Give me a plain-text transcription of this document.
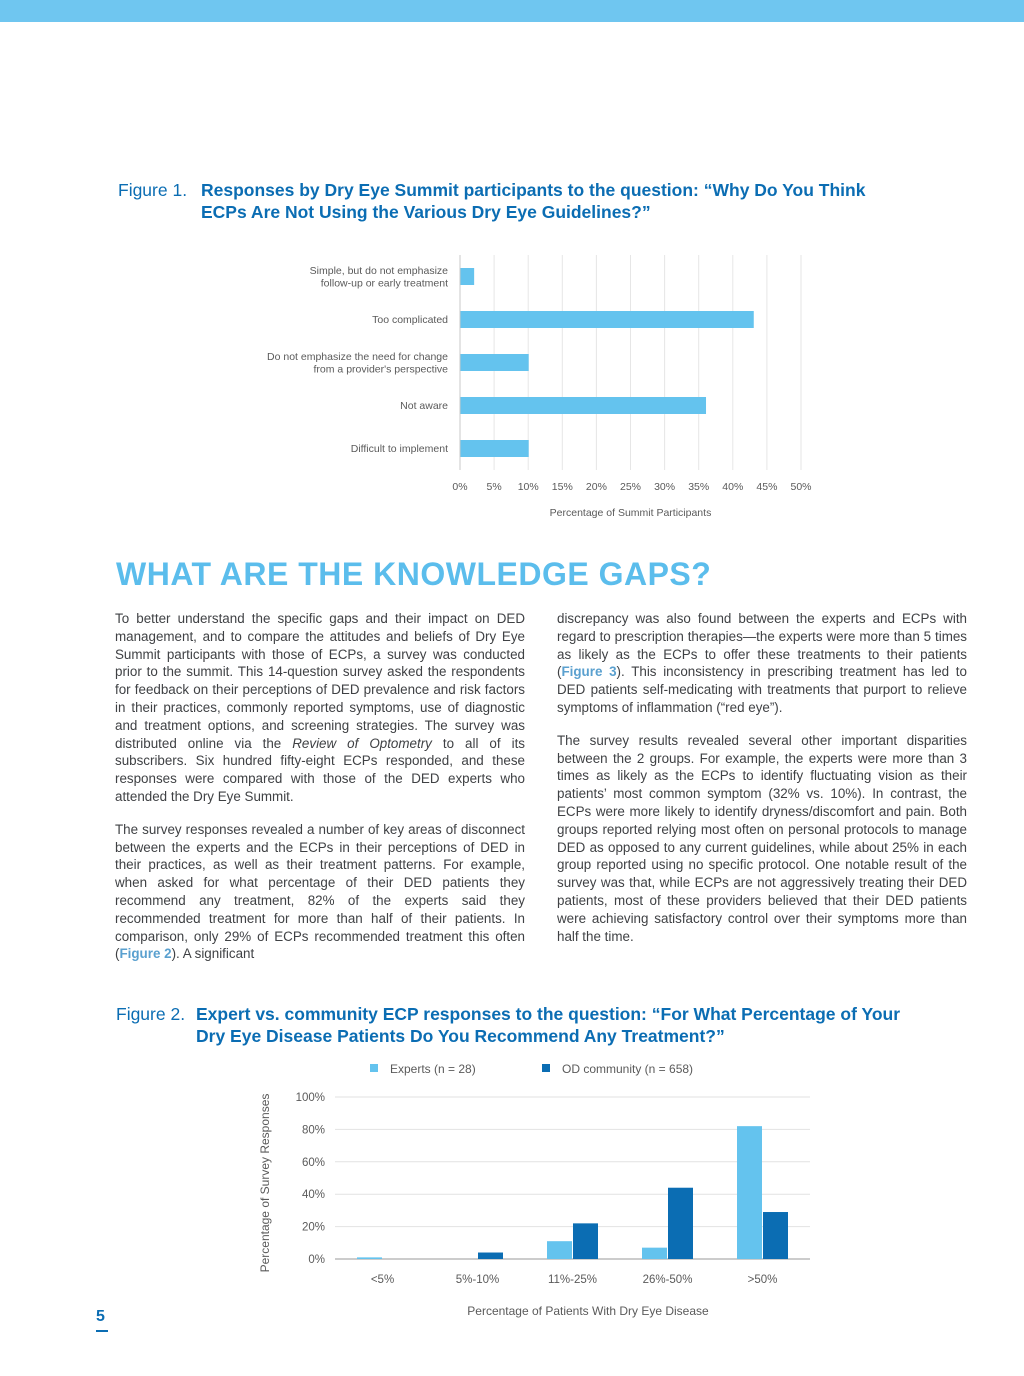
Figure 1. Responses by Dry Eye Summit participants to the question: “Why Do You Think ECPs Are Not Using the Various Dry Eye Guidelines?”
0% 5% 10% 15% 20% 25% 30% 35% 40% 45% 50%
Percentage of Summit Participants
Simple, but do not emphasize
follow-up or early treatment
Too complicated
Do not emphasize the need for change
from a provider's perspective
Not aware
Difficult to implement
WHAT ARE THE KNOWLEDGE GAPS?

To better understand the specific gaps and their impact on DED management, and to compare the attitudes and beliefs of Dry Eye Summit participants with those of ECPs, a survey was conducted prior to the summit. This 14-question survey asked the respondents for feedback on their perceptions of DED prevalence and risk factors in their practices, commonly reported symptoms, use of diagnostic and treatment options, and screening strategies. The survey was distributed online via the Review of Optometry to all of its subscribers. Six hundred fifty-eight ECPs responded, and these responses were compared with those of the DED experts who attended the Dry Eye Summit.

The survey responses revealed a number of key areas of disconnect between the experts and the ECPs in their perceptions of DED in their practices, as well as their treatment patterns. For example, when asked for what percentage of their DED patients they recommend any treatment, 82% of the experts said they recommended treatment for more than half of their patients. In comparison, only 29% of ECPs recommended treatment this often (Figure 2). A significant

discrepancy was also found between the experts and ECPs with regard to prescription therapies—the experts were more than 5 times as likely as the ECPs to offer these treatments to their patients (Figure 3). This inconsistency in prescribing treatment has led to DED patients self-medicating with treatments that purport to relieve symptoms of inflammation (“red eye”).

The survey results revealed several other important disparities between the 2 groups. For example, the experts were more than 3 times as likely as the ECPs to identify fluctuating vision as their patients’ most common symptom (32% vs. 10%). In contrast, the ECPs were more likely to identify dryness/discomfort and pain. Both groups reported relying most often on personal protocols to manage DED as opposed to any current guidelines, while about 25% in each group reported using no specific protocol. One notable result of the survey was that, while ECPs are not aggressively treating their DED patients, most of these providers believed that their DED patients were achieving satisfactory control over their symptoms more than half the time.

Figure 2. Expert vs. community ECP responses to the question: “For What Percentage of Your Dry Eye Disease Patients Do You Recommend Any Treatment?”
Experts (n = 28)	OD community (n = 658)
0%
20%
40%
60%
80%
100%
Percentage of Survey Responses
<5%	5%-10%	11%-25%	26%-50%	>50%
Percentage of Patients With Dry Eye Disease
5
